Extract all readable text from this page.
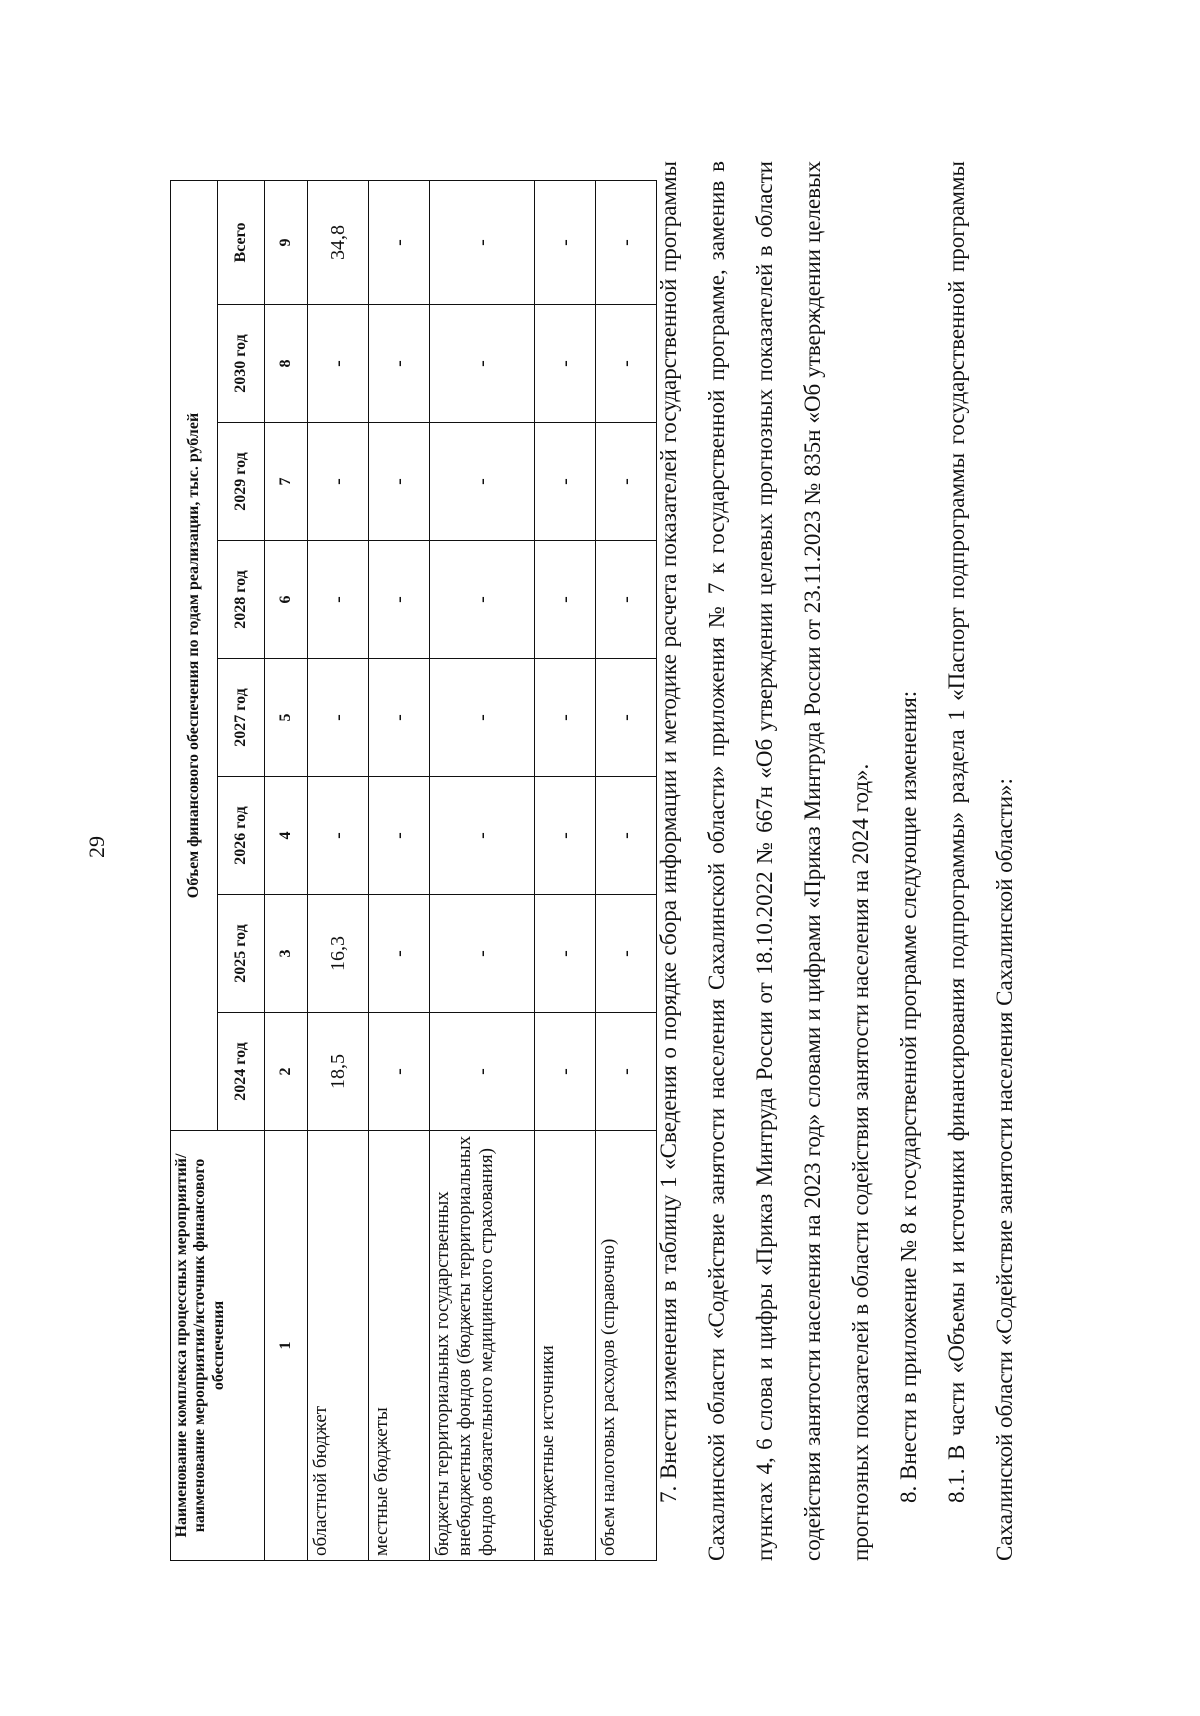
29
Наименование комплекса процессных мероприятий/наименование мероприятия/источник финансового обеспечения	Объем финансового обеспечения по годам реализации, тыс. рублей							
	2024 год	2025 год	2026 год	2027 год	2028 год	2029 год	2030 год	Всего
1	2	3	4	5	6	7	8	9
областной бюджет	18,5	16,3	-	-	-	-	-	34,8
местные бюджеты	-	-	-	-	-	-	-	-
бюджеты территориальных государственных внебюджетных фондов (бюджеты территориальных фондов обязательного медицинского страхования)	-	-	-	-	-	-	-	-
внебюджетные источники	-	-	-	-	-	-	-	-
объем налоговых расходов (справочно)	-	-	-	-	-	-	-	- 7. Внести изменения в таблицу 1 «Сведения о порядке сбора информации и методике расчета показателей государственной программы Сахалинской области «Содействие занятости населения Сахалинской области» приложения № 7 к государственной программе, заменив в пунктах 4, 6 слова и цифры «Приказ Минтруда России от 18.10.2022 № 667н «Об утверждении целевых прогнозных показателей в области содействия занятости населения на 2023 год» словами и цифрами «Приказ Минтруда России от 23.11.2023 № 835н «Об утверждении целевых прогнозных показателей в области содействия занятости населения на 2024 год».	8. Внести в приложение № 8 к государственной программе следующие изменения:	8.1. В части «Объемы и источники финансирования подпрограммы» раздела 1 «Паспорт подпрограммы государственной программы Сахалинской области «Содействие занятости населения Сахалинской области»:
